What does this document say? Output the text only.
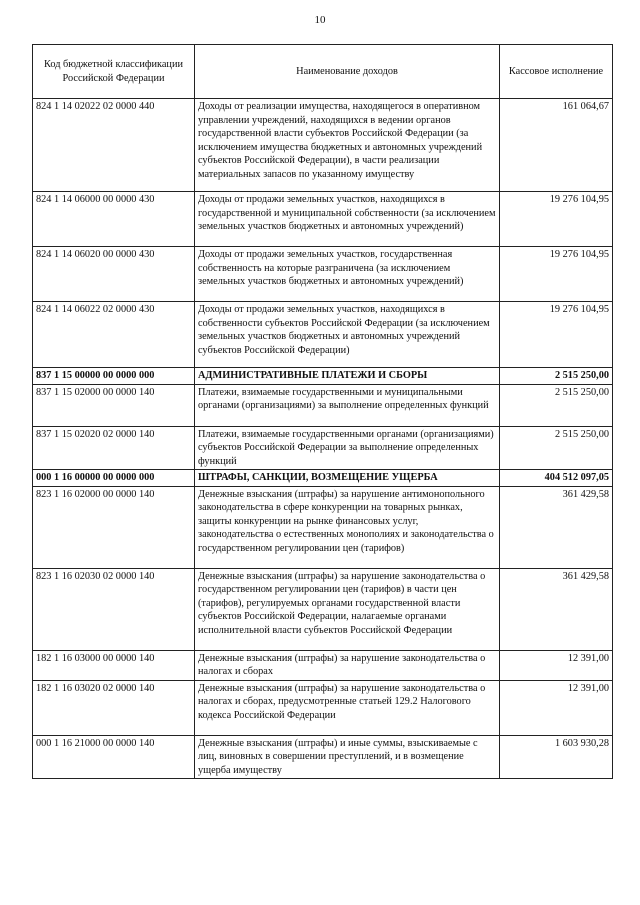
10
Код бюджетной классификации Российской Федерации	Наименование доходов	Кассовое исполнение
824 1 14 02022 02 0000 440	Доходы от реализации имущества, находящегося в оперативном управлении учреждений, находящихся в ведении органов государственной власти субъектов Российской Федерации (за исключением имущества бюджетных и автономных учреждений субъектов Российской Федерации), в части реализации материальных запасов по указанному имуществу	161 064,67
824 1 14 06000 00 0000 430	Доходы от продажи земельных участков, находящихся в государственной и муниципальной собственности (за исключением земельных участков бюджетных и автономных учреждений)	19 276 104,95
824 1 14 06020 00 0000 430	Доходы от продажи земельных участков, государственная собственность на которые разграничена (за исключением земельных участков бюджетных и автономных учреждений)	19 276 104,95
824 1 14 06022 02 0000 430	Доходы от продажи земельных участков, находящихся в собственности субъектов Российской Федерации (за исключением земельных участков бюджетных и автономных учреждений субъектов Российской Федерации)	19 276 104,95
837 1 15 00000 00 0000 000	АДМИНИСТРАТИВНЫЕ ПЛАТЕЖИ И СБОРЫ	2 515 250,00
837 1 15 02000 00 0000 140	Платежи, взимаемые государственными и муниципальными органами (организациями) за выполнение определенных функций	2 515 250,00
837 1 15 02020 02 0000 140	Платежи, взимаемые государственными органами (организациями) субъектов Российской Федерации за выполнение определенных функций	2 515 250,00
000 1 16 00000 00 0000 000	ШТРАФЫ, САНКЦИИ, ВОЗМЕЩЕНИЕ УЩЕРБА	404 512 097,05
823 1 16 02000 00 0000 140	Денежные взыскания (штрафы) за нарушение антимонопольного законодательства в сфере конкуренции на товарных рынках, защиты конкуренции на рынке финансовых услуг, законодательства о естественных монополиях и законодательства о государственном регулировании цен (тарифов)	361 429,58
823 1 16 02030 02 0000 140	Денежные взыскания (штрафы) за нарушение законодательства о государственном регулировании цен (тарифов) в части цен (тарифов), регулируемых органами государственной власти субъектов Российской Федерации, налагаемые органами исполнительной власти субъектов Российской Федерации	361 429,58
182 1 16 03000 00 0000 140	Денежные взыскания (штрафы) за нарушение законодательства о налогах и сборах	12 391,00
182 1 16 03020 02 0000 140	Денежные взыскания (штрафы) за нарушение законодательства о налогах и сборах, предусмотренные статьей 129.2 Налогового кодекса Российской Федерации	12 391,00
000 1 16 21000 00 0000 140	Денежные взыскания (штрафы) и иные суммы, взыскиваемые с лиц, виновных в совершении преступлений, и в возмещение ущерба имуществу	1 603 930,28
